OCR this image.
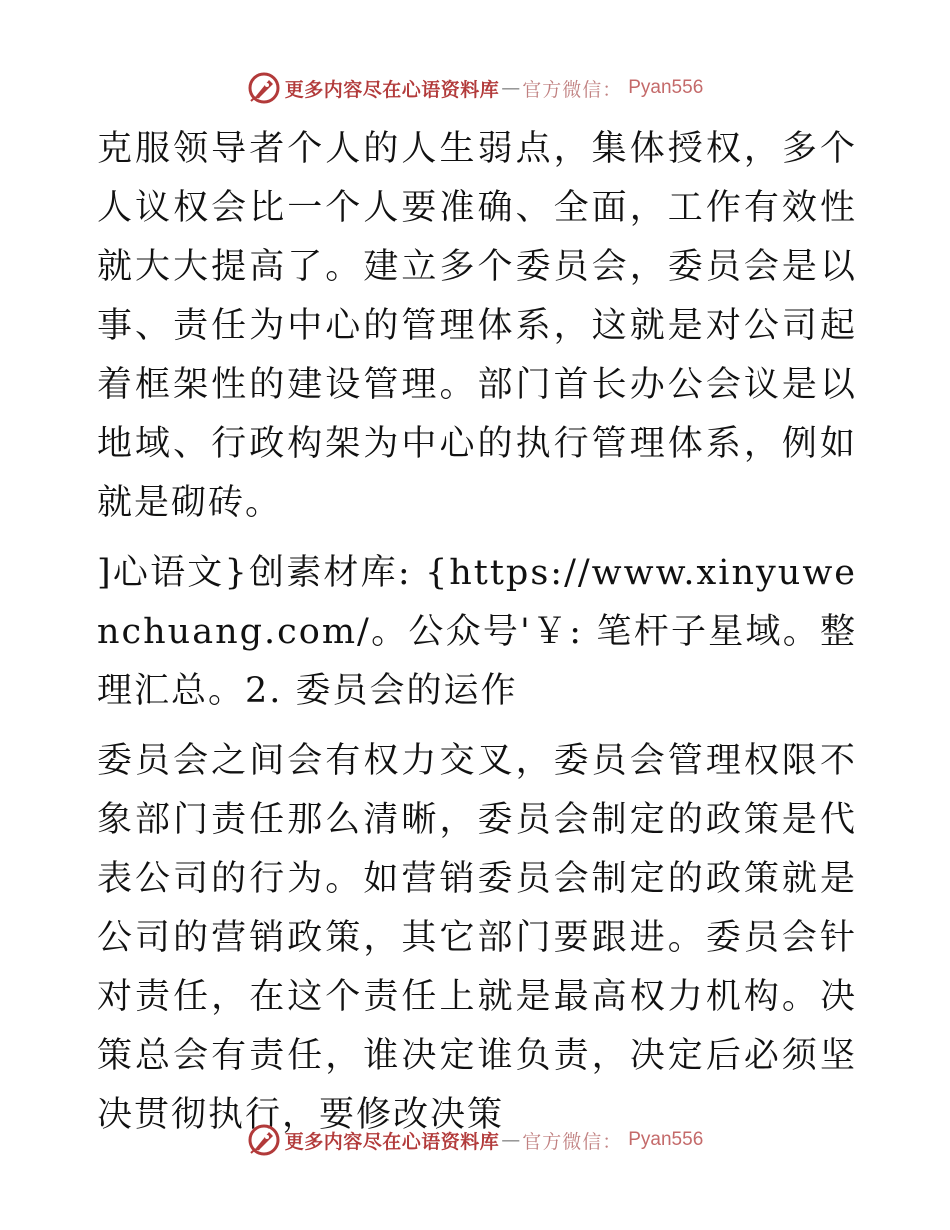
更多内容尽在心语资料库 — 官方微信： Pyan556

克服领导者个人的人生弱点，集体授权，多个人议权会比一个人要准确、全面，工作有效性就大大提高了。建立多个委员会，委员会是以事、责任为中心的管理体系，这就是对公司起着框架性的建设管理。部门首长办公会议是以地域、行政构架为中心的执行管理体系，例如就是砌砖。

]心语文}创素材库: {https://www.xinyuwenchuang.com/。公众号'￥: 笔杆子星域。整理汇总。2. 委员会的运作

委员会之间会有权力交叉，委员会管理权限不象部门责任那么清晰，委员会制定的政策是代表公司的行为。如营销委员会制定的政策就是公司的营销政策，其它部门要跟进。委员会针对责任，在这个责任上就是最高权力机构。决策总会有责任，谁决定谁负责，决定后必须坚决贯彻执行，要修改决策

更多内容尽在心语资料库 — 官方微信： Pyan556
